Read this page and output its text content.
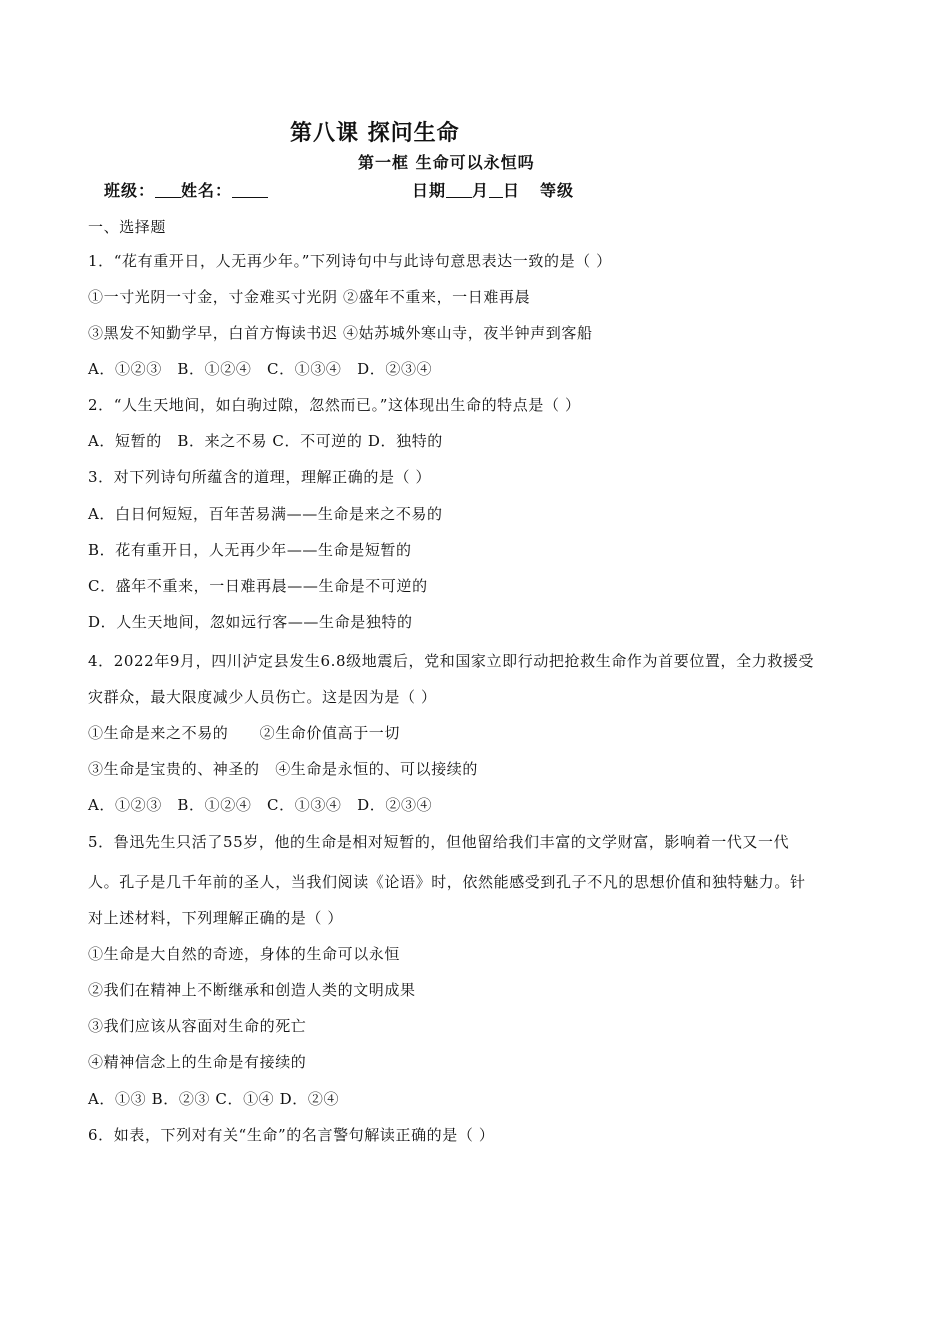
第八课 探问生命
第一框 生命可以永恒吗
班级： 姓名：	日期 月 日 等级
一、选择题
1．“花有重开日，人无再少年。”下列诗句中与此诗句意思表达一致的是（ ）
①一寸光阴一寸金，寸金难买寸光阴 ②盛年不重来，一日难再晨
③黑发不知勤学早，白首方悔读书迟 ④姑苏城外寒山寺，夜半钟声到客船
A．①②③　B．①②④　C．①③④　D．②③④
2．“人生天地间，如白驹过隙，忽然而已。”这体现出生命的特点是（ ）
A．短暂的　B．来之不易 C．不可逆的 D．独特的
3．对下列诗句所蕴含的道理，理解正确的是（ ）
A．白日何短短，百年苦易满——生命是来之不易的
B．花有重开日，人无再少年——生命是短暂的
C．盛年不重来，一日难再晨——生命是不可逆的
D．人生天地间，忽如远行客——生命是独特的
4．2022年9月，四川泸定县发生6.8级地震后，党和国家立即行动把抢救生命作为首要位置，全力救援受
灾群众，最大限度减少人员伤亡。这是因为是（ ）
①生命是来之不易的　　②生命价值高于一切
③生命是宝贵的、神圣的　④生命是永恒的、可以接续的
A．①②③　B．①②④　C．①③④　D．②③④
5．鲁迅先生只活了55岁，他的生命是相对短暂的，但他留给我们丰富的文学财富，影响着一代又一代
人。孔子是几千年前的圣人，当我们阅读《论语》时，依然能感受到孔子不凡的思想价值和独特魅力。针
对上述材料，下列理解正确的是（ ）
①生命是大自然的奇迹，身体的生命可以永恒
②我们在精神上不断继承和创造人类的文明成果
③我们应该从容面对生命的死亡
④精神信念上的生命是有接续的
A．①③ B．②③ C．①④ D．②④
6．如表，下列对有关“生命”的名言警句解读正确的是（ ）
